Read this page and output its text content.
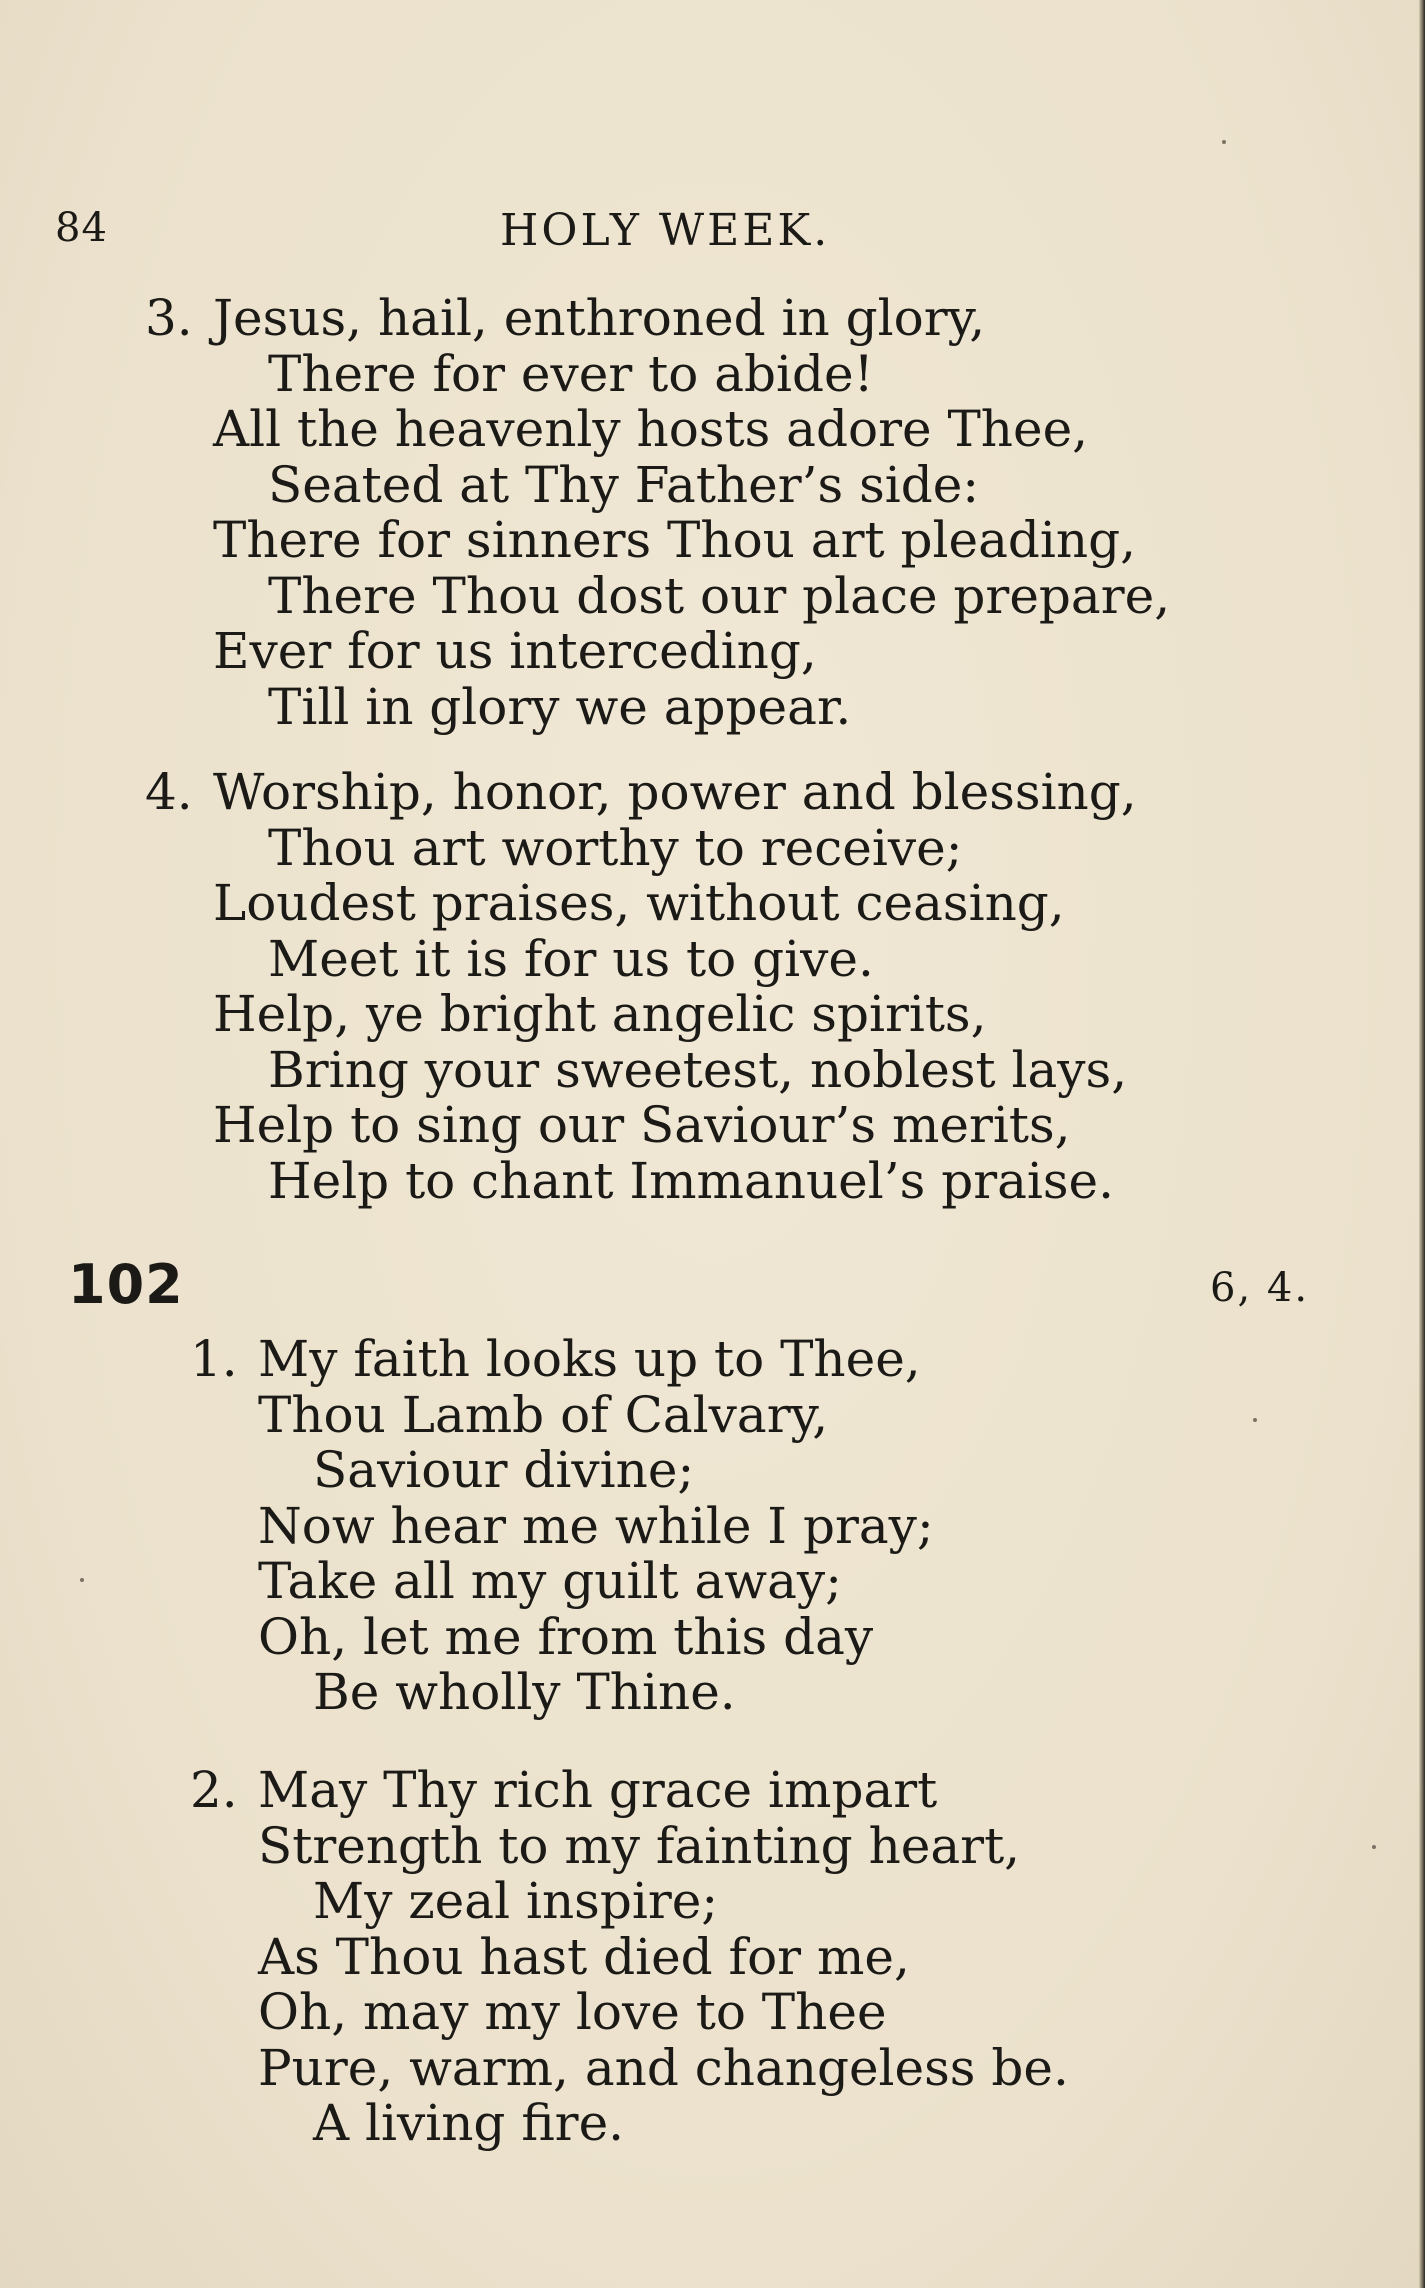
84	HOLY WEEK.
3. Jesus, hail, enthroned in glory,
There for ever to abide!
All the heavenly hosts adore Thee,
Seated at Thy Father’s side:
There for sinners Thou art pleading,
There Thou dost our place prepare,
Ever for us interceding,
Till in glory we appear.
4. Worship, honor, power and blessing,
Thou art worthy to receive;
Loudest praises, without ceasing,
Meet it is for us to give.
Help, ye bright angelic spirits,
Bring your sweetest, noblest lays,
Help to sing our Saviour’s merits,
Help to chant Immanuel’s praise.
102	6, 4.
1. My faith looks up to Thee,
Thou Lamb of Calvary,
Saviour divine;
Now hear me while I pray;
Take all my guilt away;
Oh, let me from this day
Be wholly Thine.
2. May Thy rich grace impart
Strength to my fainting heart,
My zeal inspire;
As Thou hast died for me,
Oh, may my love to Thee
Pure, warm, and changeless be.
A living fire.
